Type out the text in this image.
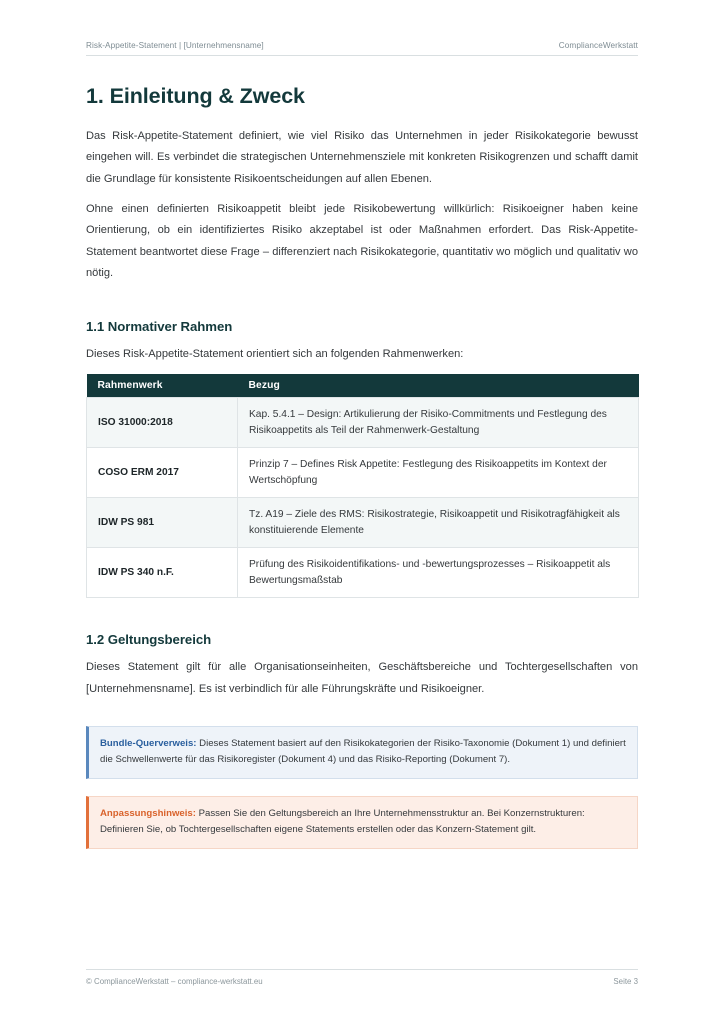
Risk-Appetite-Statement | [Unternehmensname]	ComplianceWerkstatt
1. Einleitung & Zweck

Das Risk-Appetite-Statement definiert, wie viel Risiko das Unternehmen in jeder Risikokategorie bewusst eingehen will. Es verbindet die strategischen Unternehmensziele mit konkreten Risikogrenzen und schafft damit die Grundlage für konsistente Risikoentscheidungen auf allen Ebenen.

Ohne einen definierten Risikoappetit bleibt jede Risikobewertung willkürlich: Risikoeigner haben keine Orientierung, ob ein identifiziertes Risiko akzeptabel ist oder Maßnahmen erfordert. Das Risk-Appetite-Statement beantwortet diese Frage – differenziert nach Risikokategorie, quantitativ wo möglich und qualitativ wo nötig.

1.1 Normativer Rahmen

Dieses Risk-Appetite-Statement orientiert sich an folgenden Rahmenwerken:

Rahmenwerk	Bezug
ISO 31000:2018	Kap. 5.4.1 – Design: Artikulierung der Risiko-Commitments und Festlegung des Risikoappetits als Teil der Rahmenwerk-Gestaltung
COSO ERM 2017	Prinzip 7 – Defines Risk Appetite: Festlegung des Risikoappetits im Kontext der Wertschöpfung
IDW PS 981	Tz. A19 – Ziele des RMS: Risikostrategie, Risikoappetit und Risikotragfähigkeit als konstituierende Elemente
IDW PS 340 n.F.	Prüfung des Risikoidentifikations- und -bewertungsprozesses – Risikoappetit als Bewertungsmaßstab
1.2 Geltungsbereich

Dieses Statement gilt für alle Organisationseinheiten, Geschäftsbereiche und Tochtergesellschaften von [Unternehmensname]. Es ist verbindlich für alle Führungskräfte und Risikoeigner.

Bundle-Querverweis: Dieses Statement basiert auf den Risikokategorien der Risiko-Taxonomie (Dokument 1) und definiert die Schwellenwerte für das Risikoregister (Dokument 4) und das Risiko-Reporting (Dokument 7).
Anpassungshinweis: Passen Sie den Geltungsbereich an Ihre Unternehmensstruktur an. Bei Konzernstrukturen: Definieren Sie, ob Tochtergesellschaften eigene Statements erstellen oder das Konzern-Statement gilt.
© ComplianceWerkstatt – compliance-werkstatt.eu	Seite 3
